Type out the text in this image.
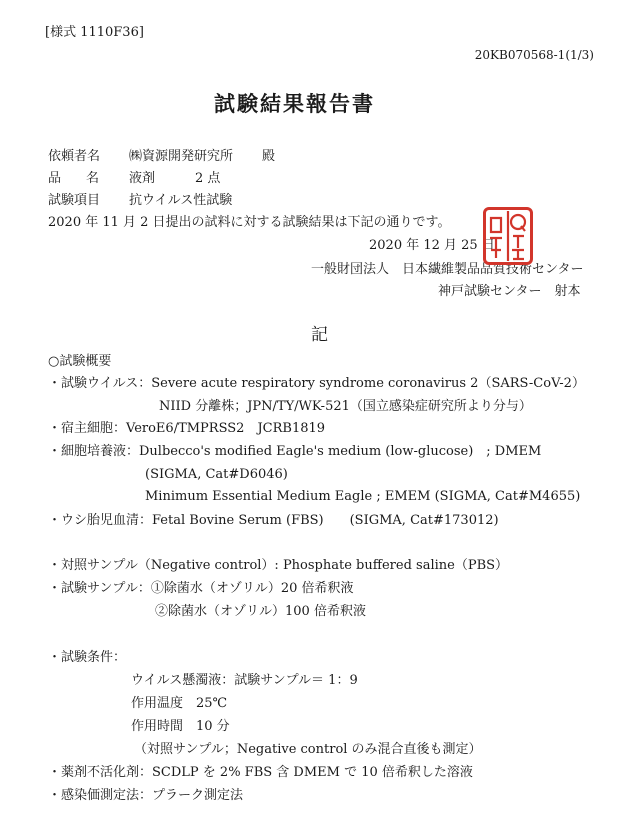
[様式 1110F36]
20KB070568-1(1/3)
試験結果報告書
依頼者名 ㈱資源開発研究所 殿
品　名 液剤	2 点
試験項目 抗ウイルス性試験
2020 年 11 月 2 日提出の試料に対する試験結果は下記の通りです。
2020 年 12 月 25 日
一般財団法人　日本繊維製品品質技術センター
神戸試験センター　射本
記
○試験概要
・試験ウイルス：Severe acute respiratory syndrome coronavirus 2（SARS-CoV-2）
NIID 分離株；JPN/TY/WK-521（国立感染症研究所より分与）
・宿主細胞：VeroE6/TMPRSS2　JCRB1819
・細胞培養液：Dulbecco's modified Eagle's medium (low-glucose)　; DMEM
(SIGMA, Cat#D6046)
Minimum Essential Medium Eagle ; EMEM (SIGMA, Cat#M4655)
・ウシ胎児血清：Fetal Bovine Serum (FBS)　　(SIGMA, Cat#173012)
・対照サンプル（Negative control）: Phosphate buffered saline（PBS）
・試験サンプル：①除菌水（オゾリル）20 倍希釈液
②除菌水（オゾリル）100 倍希釈液
・試験条件：
ウイルス懸濁液：試験サンプル＝ 1：9
作用温度　25℃
作用時間　10 分
（対照サンプル；Negative control のみ混合直後も測定）
・薬剤不活化剤：SCDLP を 2% FBS 含 DMEM で 10 倍希釈した溶液
・感染価測定法：プラーク測定法
